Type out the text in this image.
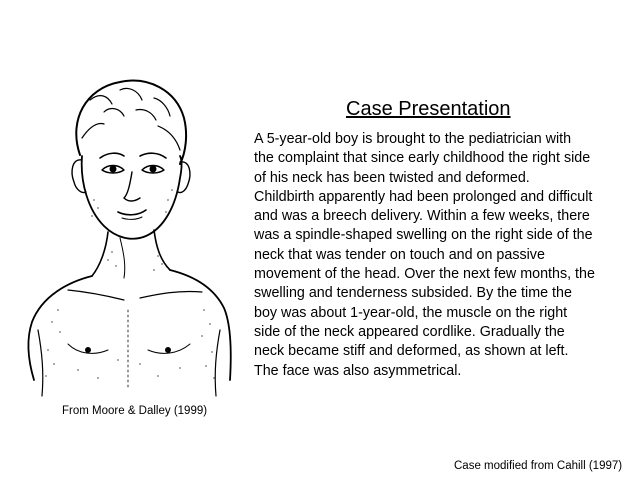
From Moore & Dalley (1999)
Case Presentation
A 5-year-old boy is brought to the pediatrician with
the complaint that since early childhood the right side
of his neck has been twisted and deformed.
Childbirth apparently had been prolonged and difficult
and was a breech delivery. Within a few weeks, there
was a spindle-shaped swelling on the right side of the
neck that was tender on touch and on passive
movement of the head. Over the next few months, the
swelling and tenderness subsided. By the time the
boy was about 1-year-old, the muscle on the right
side of the neck appeared cordlike. Gradually the
neck became stiff and deformed, as shown at left.
The face was also asymmetrical.
Case modified from Cahill (1997)
